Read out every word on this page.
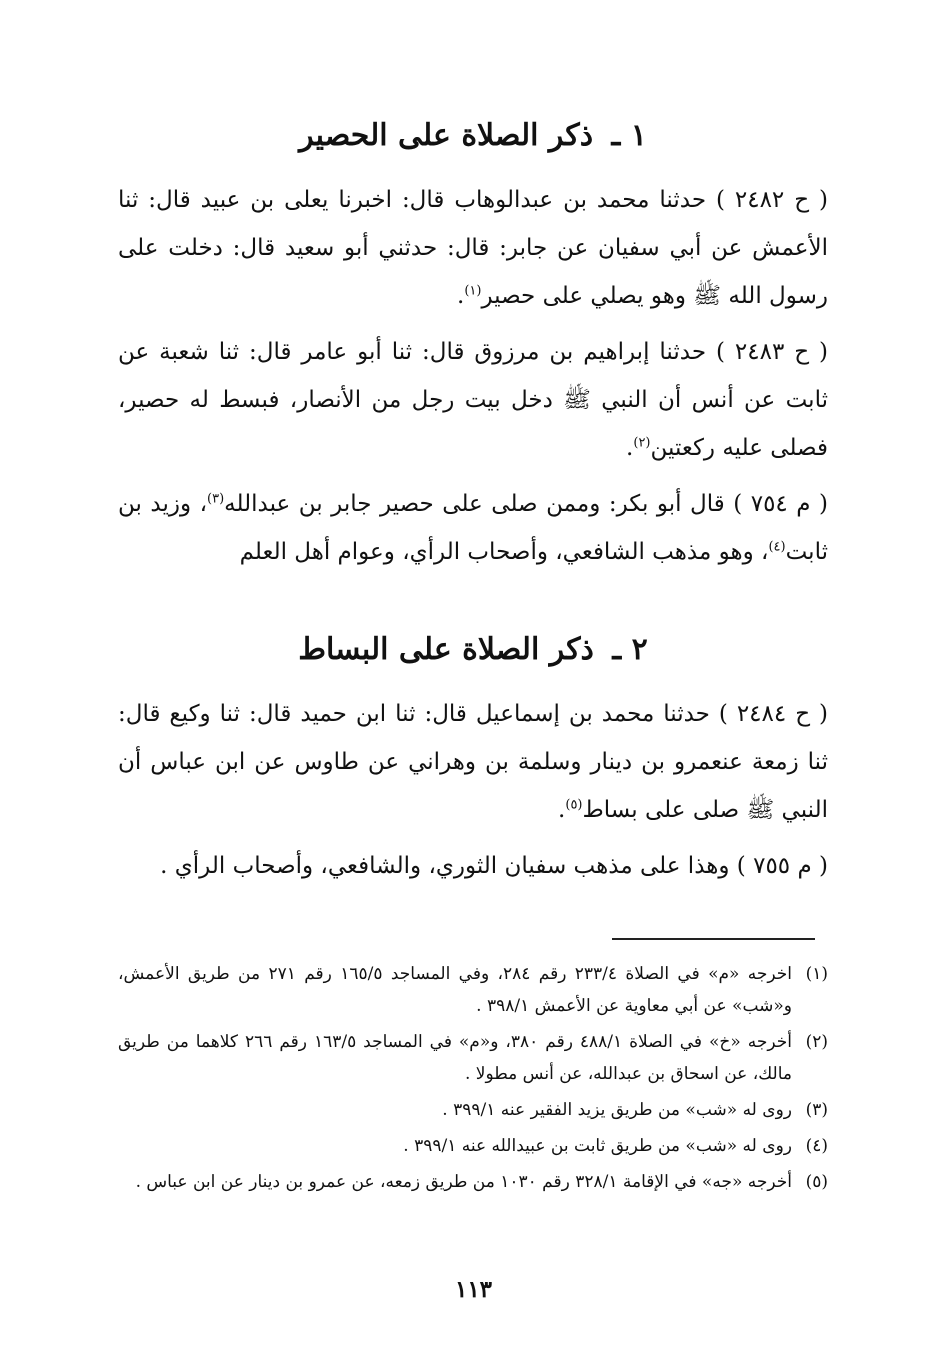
١ ـ ذكر الصلاة على الحصير

( ح ٢٤٨٢ ) حدثنا محمد بن عبدالوهاب قال: اخبرنا يعلى بن عبيد قال: ثنا الأعمش عن أبي سفيان عن جابر: قال: حدثني أبو سعيد قال: دخلت على رسول الله ﷺ وهو يصلي على حصير$^{(١)}$.

( ح ٢٤٨٣ ) حدثنا إبراهيم بن مرزوق قال: ثنا أبو عامر قال: ثنا شعبة عن ثابت عن أنس أن النبي ﷺ دخل بيت رجل من الأنصار، فبسط له حصير، فصلى عليه ركعتين$^{(٢)}$.

( م ٧٥٤ ) قال أبو بكر: وممن صلى على حصير جابر بن عبدالله$^{(٣)}$، وزيد بن ثابت$^{(٤)}$، وهو مذهب الشافعي، وأصحاب الرأي، وعوام أهل العلم

٢ ـ ذكر الصلاة على البساط

( ح ٢٤٨٤ ) حدثنا محمد بن إسماعيل قال: ثنا ابن حميد قال: ثنا وكيع قال: ثنا زمعة عنعمرو بن دينار وسلمة بن وهراني عن طاوس عن ابن عباس أن النبي ﷺ صلى على بساط$^{(٥)}$.

( م ٧٥٥ ) وهذا على مذهب سفيان الثوري، والشافعي، وأصحاب الرأي .

(١)
اخرجه «م» في الصلاة ٢٣٣/٤ رقم ٢٨٤، وفي المساجد ١٦٥/٥ رقم ٢٧١ من طريق الأعمش، و«شب» عن أبي معاوية عن الأعمش ٣٩٨/١ .
(٢)
أخرجه «خ» في الصلاة ٤٨٨/١ رقم ٣٨٠، و«م» في المساجد ١٦٣/٥ رقم ٢٦٦ كلاهما من طريق مالك، عن اسحاق بن عبدالله، عن أنس مطولا .
(٣)
روى له «شب» من طريق يزيد الفقير عنه ٣٩٩/١ .
(٤)
روى له «شب» من طريق ثابت بن عبيدالله عنه ٣٩٩/١ .
(٥)
أخرجه «جه» في الإقامة ٣٢٨/١ رقم ١٠٣٠ من طريق زمعه، عن عمرو بن دينار عن ابن عباس .
١١٣
